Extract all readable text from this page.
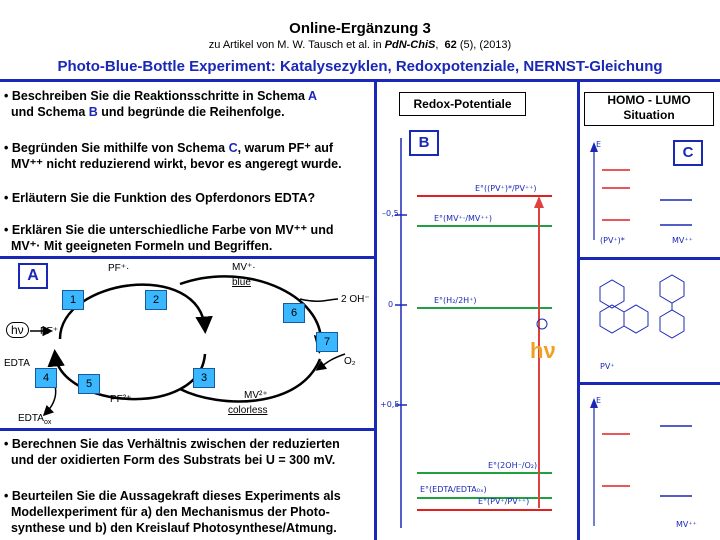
Online-Ergänzung 3
zu Artikel von M. W. Tausch et al. in PdN-ChiS,  62 (5), (2013)
Photo-Blue-Bottle Experiment: Katalysezyklen, Redoxpotenziale, NERNST-Gleichung
• Beschreiben Sie die Reaktionsschritte in Schema A
und Schema B und begründe die Reihenfolge.
• Begründen Sie mithilfe von Schema C, warum PF⁺ auf
MV⁺⁺ nicht reduzierend wirkt, bevor es angeregt wurde.
• Erläutern Sie die Funktion des Opferdonors EDTA?
• Erklären Sie die unterschiedliche Farbe von MV⁺⁺ und
MV⁺· Mit geeigneten Formeln und Begriffen.
• Berechnen Sie das Verhältnis zwischen der reduzierten
und der oxidierten Form des Substrats bei U = 300 mV.
• Beurteilen Sie die Aussagekraft dieses Experiments als
Modellexperiment für a) den Mechanismus der Photo-
synthese und b) den Kreislauf Photosynthese/Atmung.
A	PF⁺·	MV⁺·
blue
2 OH⁻
PF⁺
hν
EDTA	O₂
PF²⁺	MV²⁺
colorless
$EDTA_{ox}$
1	2
6
7
4	5	3
Redox-Potentiale
B
–0,5
0
+0,5
E°((PV⁺)*/PV⁺⁺)
E°(MV⁺·/MV⁺⁺)
E°(H₂/2H⁺)
E°(2OH⁻/O₂)
E°(EDTA/EDTA₀ₓ)
E°(PV⁺/PV⁺⁺)
hν
HOMO - LUMO
Situation
C
E
(PV⁺)*	MV⁺⁺
PV⁺
E
MV⁺⁺
